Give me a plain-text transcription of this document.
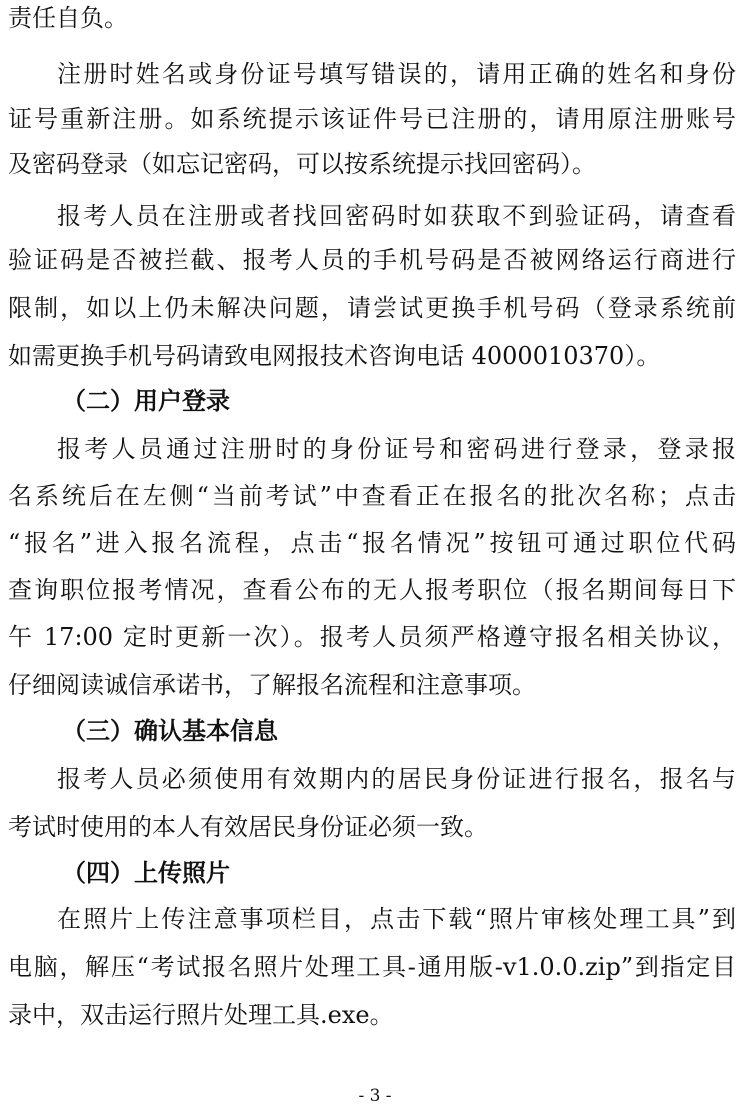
责任自负。
注册时姓名或身份证号填写错误的，请用正确的姓名和身份
证号重新注册。如系统提示该证件号已注册的，请用原注册账号
及密码登录（如忘记密码，可以按系统提示找回密码）。
报考人员在注册或者找回密码时如获取不到验证码，请查看
验证码是否被拦截、报考人员的手机号码是否被网络运行商进行
限制，如以上仍未解决问题，请尝试更换手机号码（登录系统前
如需更换手机号码请致电网报技术咨询电话 4000010370）。
（二）用户登录
报考人员通过注册时的身份证号和密码进行登录，登录报
名系统后在左侧“当前考试”中查看正在报名的批次名称；点击
“报名”进入报名流程，点击“报名情况”按钮可通过职位代码
查询职位报考情况，查看公布的无人报考职位（报名期间每日下
午 17:00 定时更新一次）。报考人员须严格遵守报名相关协议，
仔细阅读诚信承诺书，了解报名流程和注意事项。
（三）确认基本信息
报考人员必须使用有效期内的居民身份证进行报名，报名与
考试时使用的本人有效居民身份证必须一致。
（四）上传照片
在照片上传注意事项栏目，点击下载“照片审核处理工具”到
电脑，解压“考试报名照片处理工具-通用版-v1.0.0.zip”到指定目
录中，双击运行照片处理工具.exe。
- 3 -
